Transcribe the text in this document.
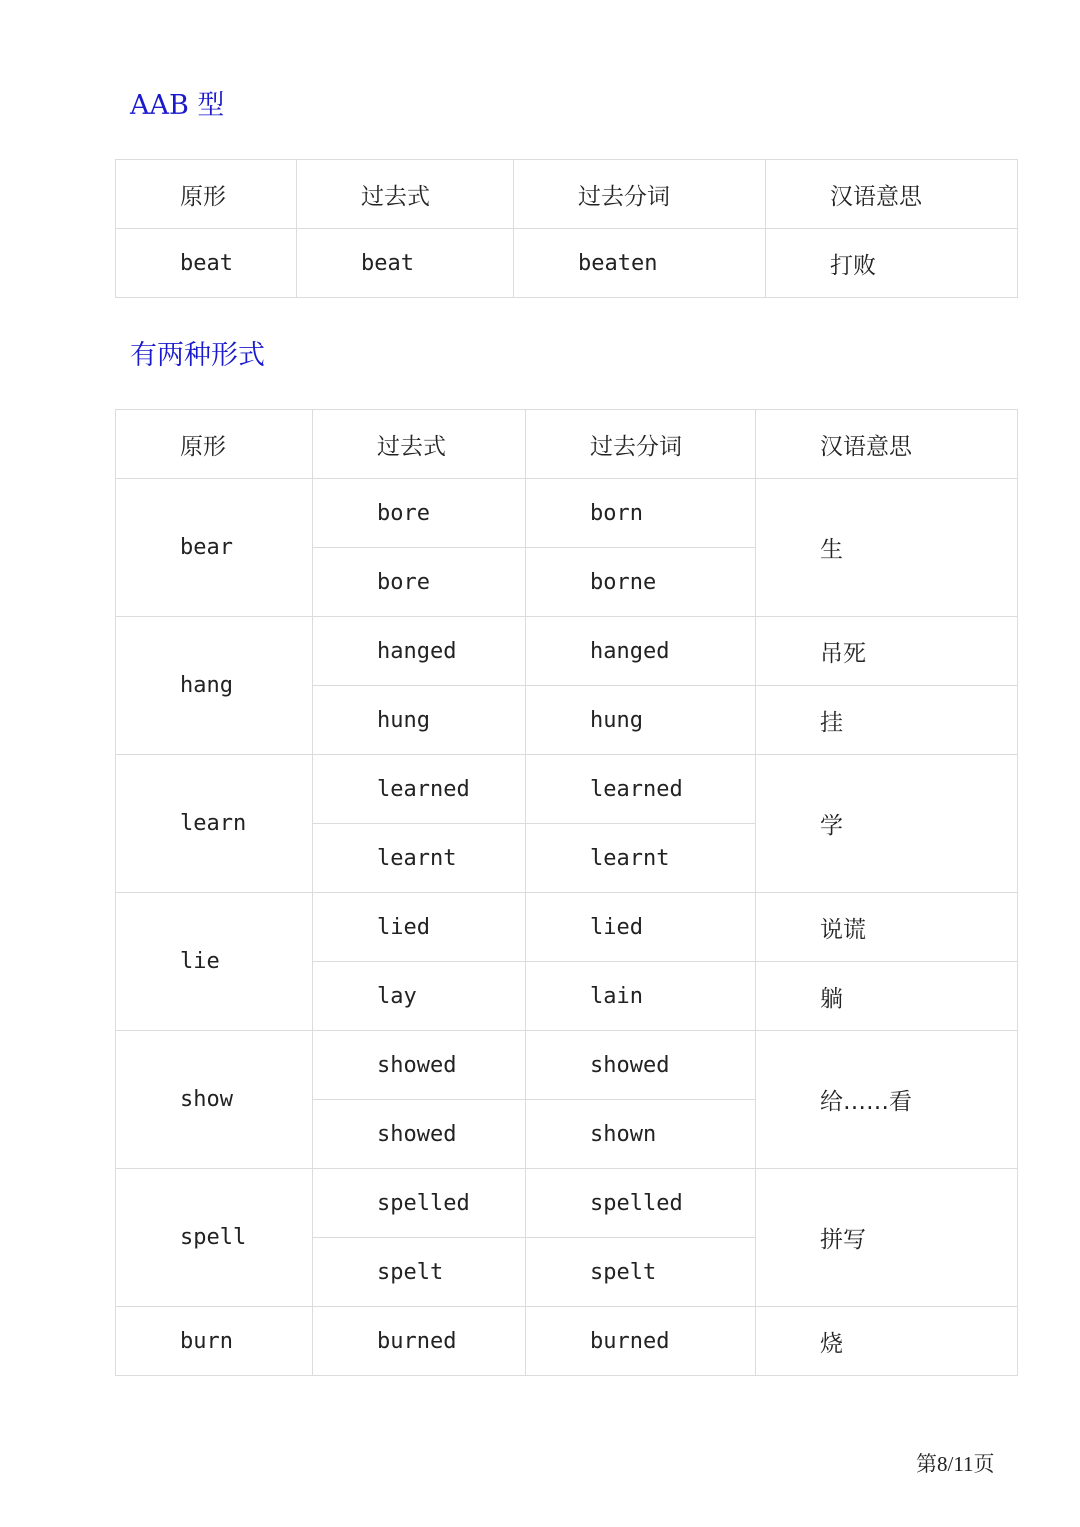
AAB 型
原形	过去式	过去分词	汉语意思
beat	beat	beaten	打败
有两种形式
原形	过去式	过去分词	汉语意思
bear	bore	born	生
	bore	borne	
hang	hanged	hanged	吊死
	hung	hung	挂
learn	learned	learned	学
	learnt	learnt	
lie	lied	lied	说谎
	lay	lain	躺
show	showed	showed	给……看
	showed	shown	
spell	spelled	spelled	拼写
	spelt	spelt	
burn	burned	burned	烧
第8/11页
